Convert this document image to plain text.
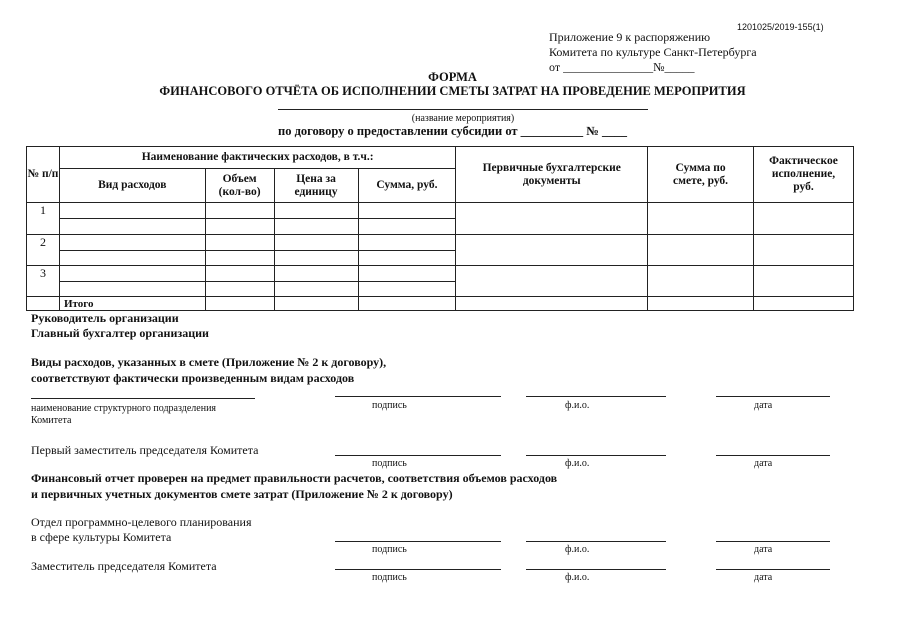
1201025/2019-155(1)
Приложение 9 к распоряжению
Комитета по культуре Санкт-Петербурга
от _______________№_____
ФОРМА
ФИНАНСОВОГО ОТЧЁТА ОБ ИСПОЛНЕНИИ СМЕТЫ ЗАТРАТ НА ПРОВЕДЕНИЕ МЕРОПРИТИЯ
(название мероприятия)
по договору о предоставлении субсидии от __________ № ____
№ п/п	Наименование фактических расходов, в т.ч.:				Первичные бухгалтерские документы	Сумма по смете, руб.	Фактическое исполнение, руб.
	Вид расходов	Объем (кол-во)	Цена за единицу	Сумма, руб.			
1							

2							

3							

	Итого						
Руководитель организации
Главный бухгалтер организации
Виды расходов, указанных в смете (Приложение № 2 к договору),
соответствуют фактически произведенным видам расходов
наименование структурного подразделения
Комитета
подпись	ф.и.о.	дата
Первый заместитель председателя Комитета
подпись	ф.и.о.	дата
Финансовый отчет проверен на предмет правильности расчетов, соответствия объемов расходов
и первичных учетных документов смете затрат (Приложение № 2 к договору)
Отдел программно-целевого планирования
в сфере культуры Комитета
подпись	ф.и.о.	дата
Заместитель председателя Комитета
подпись	ф.и.о.	дата
